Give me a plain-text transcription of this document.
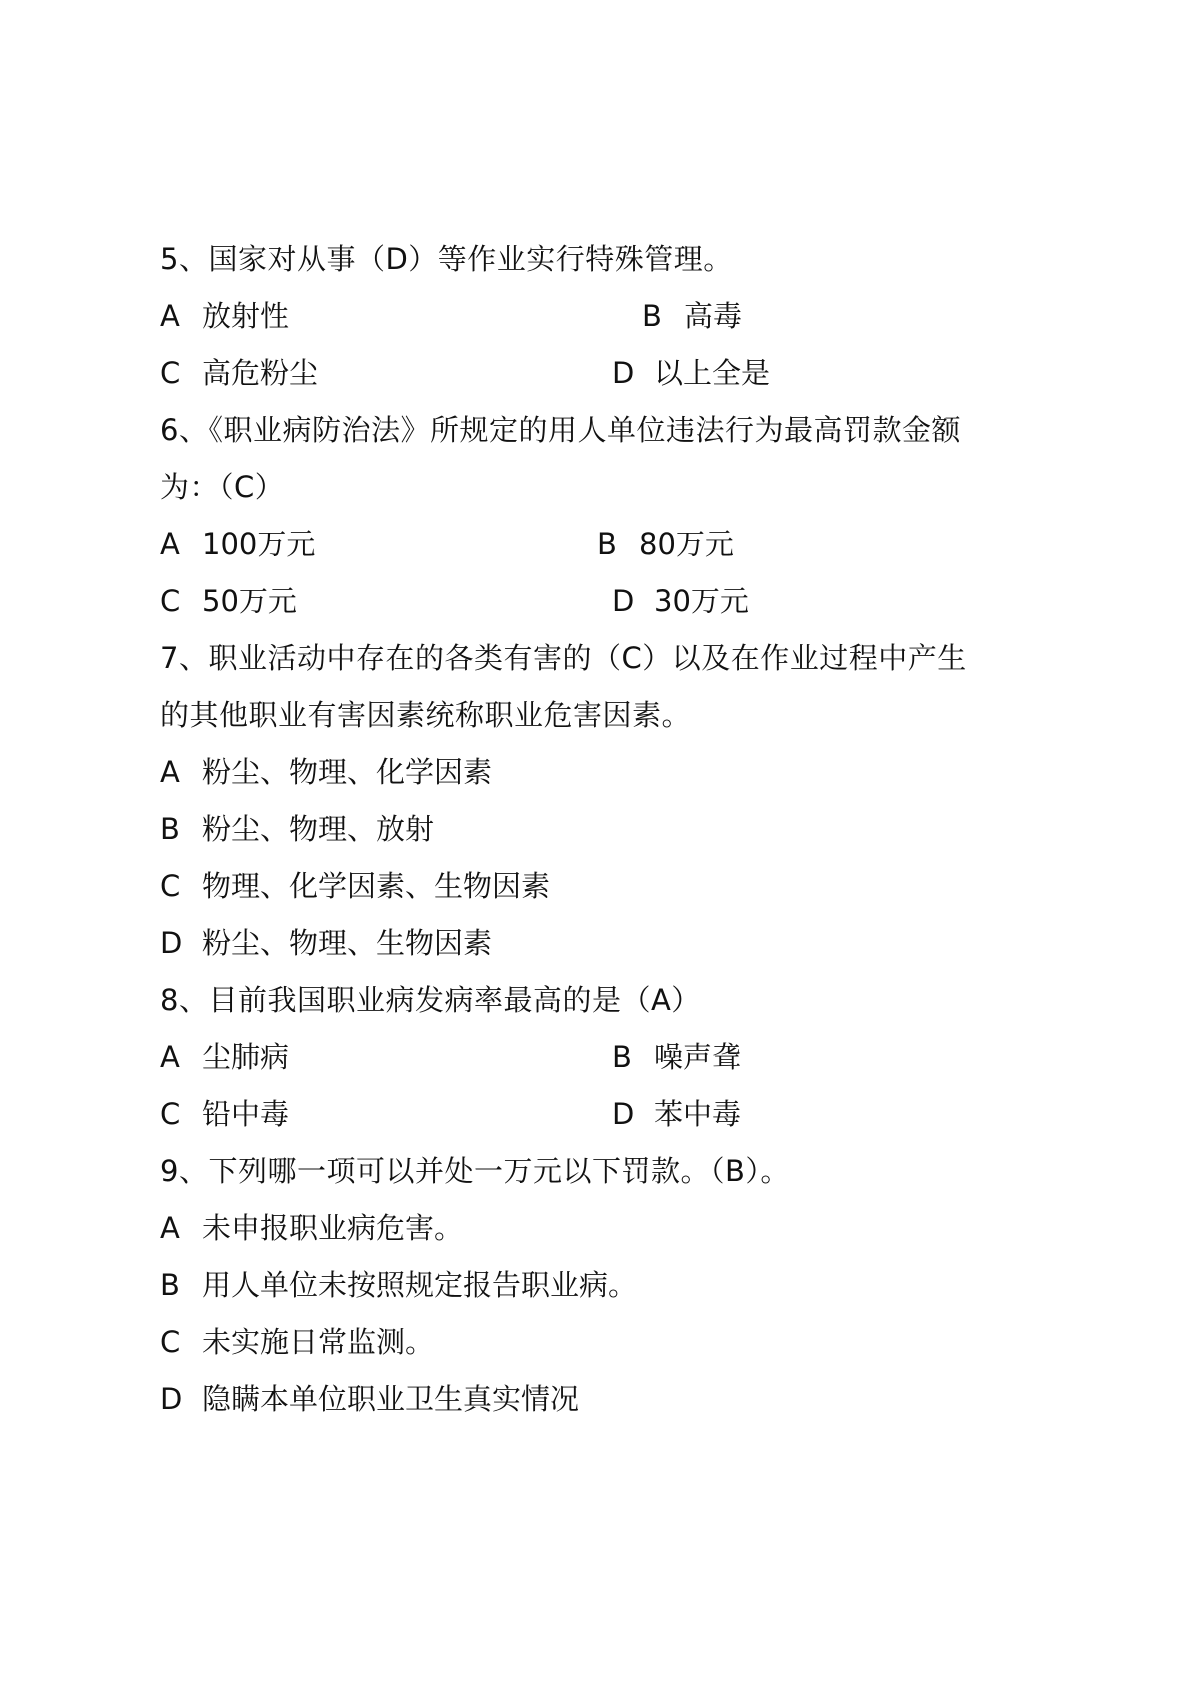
5、国家对从事（D）等作业实行特殊管理。
A 放射性	B 高毒
C 高危粉尘	D 以上全是
6、《职业病防治法》所规定的用人单位违法行为最高罚款金额
为：（C）
A 100万元	B 80万元
C 50万元	D 30万元
7、职业活动中存在的各类有害的（C）以及在作业过程中产生
的其他职业有害因素统称职业危害因素。
A 粉尘、物理、化学因素
B 粉尘、物理、放射
C 物理、化学因素、生物因素
D 粉尘、物理、生物因素
8、目前我国职业病发病率最高的是（A）
A 尘肺病	B 噪声聋
C 铅中毒	D 苯中毒
9、下列哪一项可以并处一万元以下罚款。（B）。
A 未申报职业病危害。
B 用人单位未按照规定报告职业病。
C 未实施日常监测。
D 隐瞒本单位职业卫生真实情况
